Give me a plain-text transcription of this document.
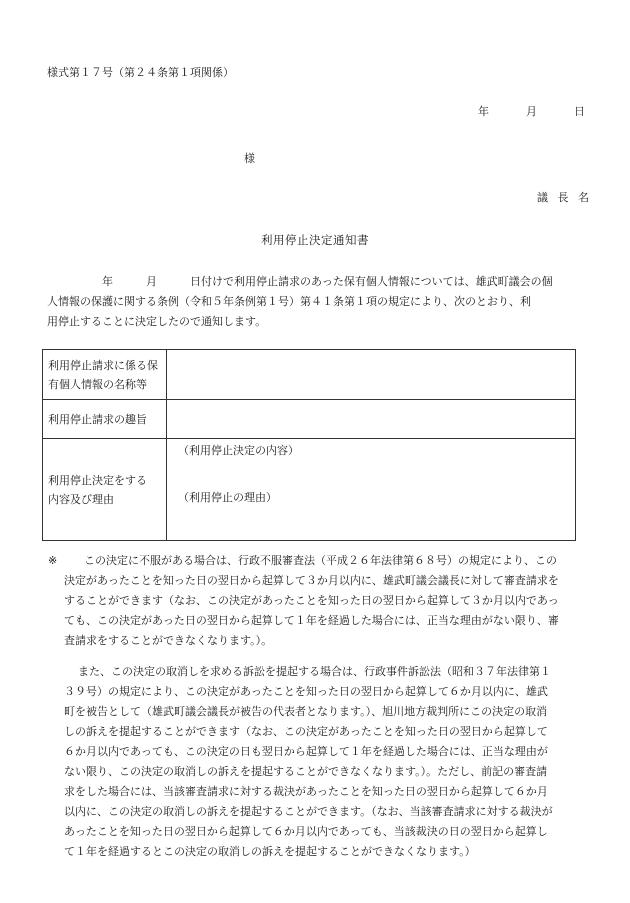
様式第１７号（第２４条第１項関係）
年	月	日
様
議 長 名
利用停止決定通知書
　　　　　年　　　月　　　日付けで利用停止請求のあった保有個人情報については、雄武町議会の個
人情報の保護に関する条例（令和５年条例第１号）第４１条第１項の規定により、次のとおり、利
用停止することに決定したので通知します。
利用停止請求に係る保
有個人情報の名称等	

利用停止請求の趣旨	

利用停止決定をする
内容及び理由	（利用停止決定の内容）
（利用停止の理由）
※ この決定に不服がある場合は、行政不服審査法（平成２６年法律第６８号）の規定により、この
決定があったことを知った日の翌日から起算して３か月以内に、雄武町議会議長に対して審査請求を
することができます（なお、この決定があったことを知った日の翌日から起算して３か月以内であっ
ても、この決定があった日の翌日から起算して１年を経過した場合には、正当な理由がない限り、審
査請求をすることができなくなります。）。
また、この決定の取消しを求める訴訟を提起する場合は、行政事件訴訟法（昭和３７年法律第１
３９号）の規定により、この決定があったことを知った日の翌日から起算して６か月以内に、雄武
町を被告として（雄武町議会議長が被告の代表者となります。）、旭川地方裁判所にこの決定の取消
しの訴えを提起することができます（なお、この決定があったことを知った日の翌日から起算して
６か月以内であっても、この決定の日も翌日から起算して１年を経過した場合には、正当な理由が
ない限り、この決定の取消しの訴えを提起することができなくなります。）。ただし、前記の審査請
求をした場合には、当該審査請求に対する裁決があったことを知った日の翌日から起算して６か月
以内に、この決定の取消しの訴えを提起することができます。（なお、当該審査請求に対する裁決が
あったことを知った日の翌日から起算して６か月以内であっても、当該裁決の日の翌日から起算し
て１年を経過するとこの決定の取消しの訴えを提起することができなくなります。）
